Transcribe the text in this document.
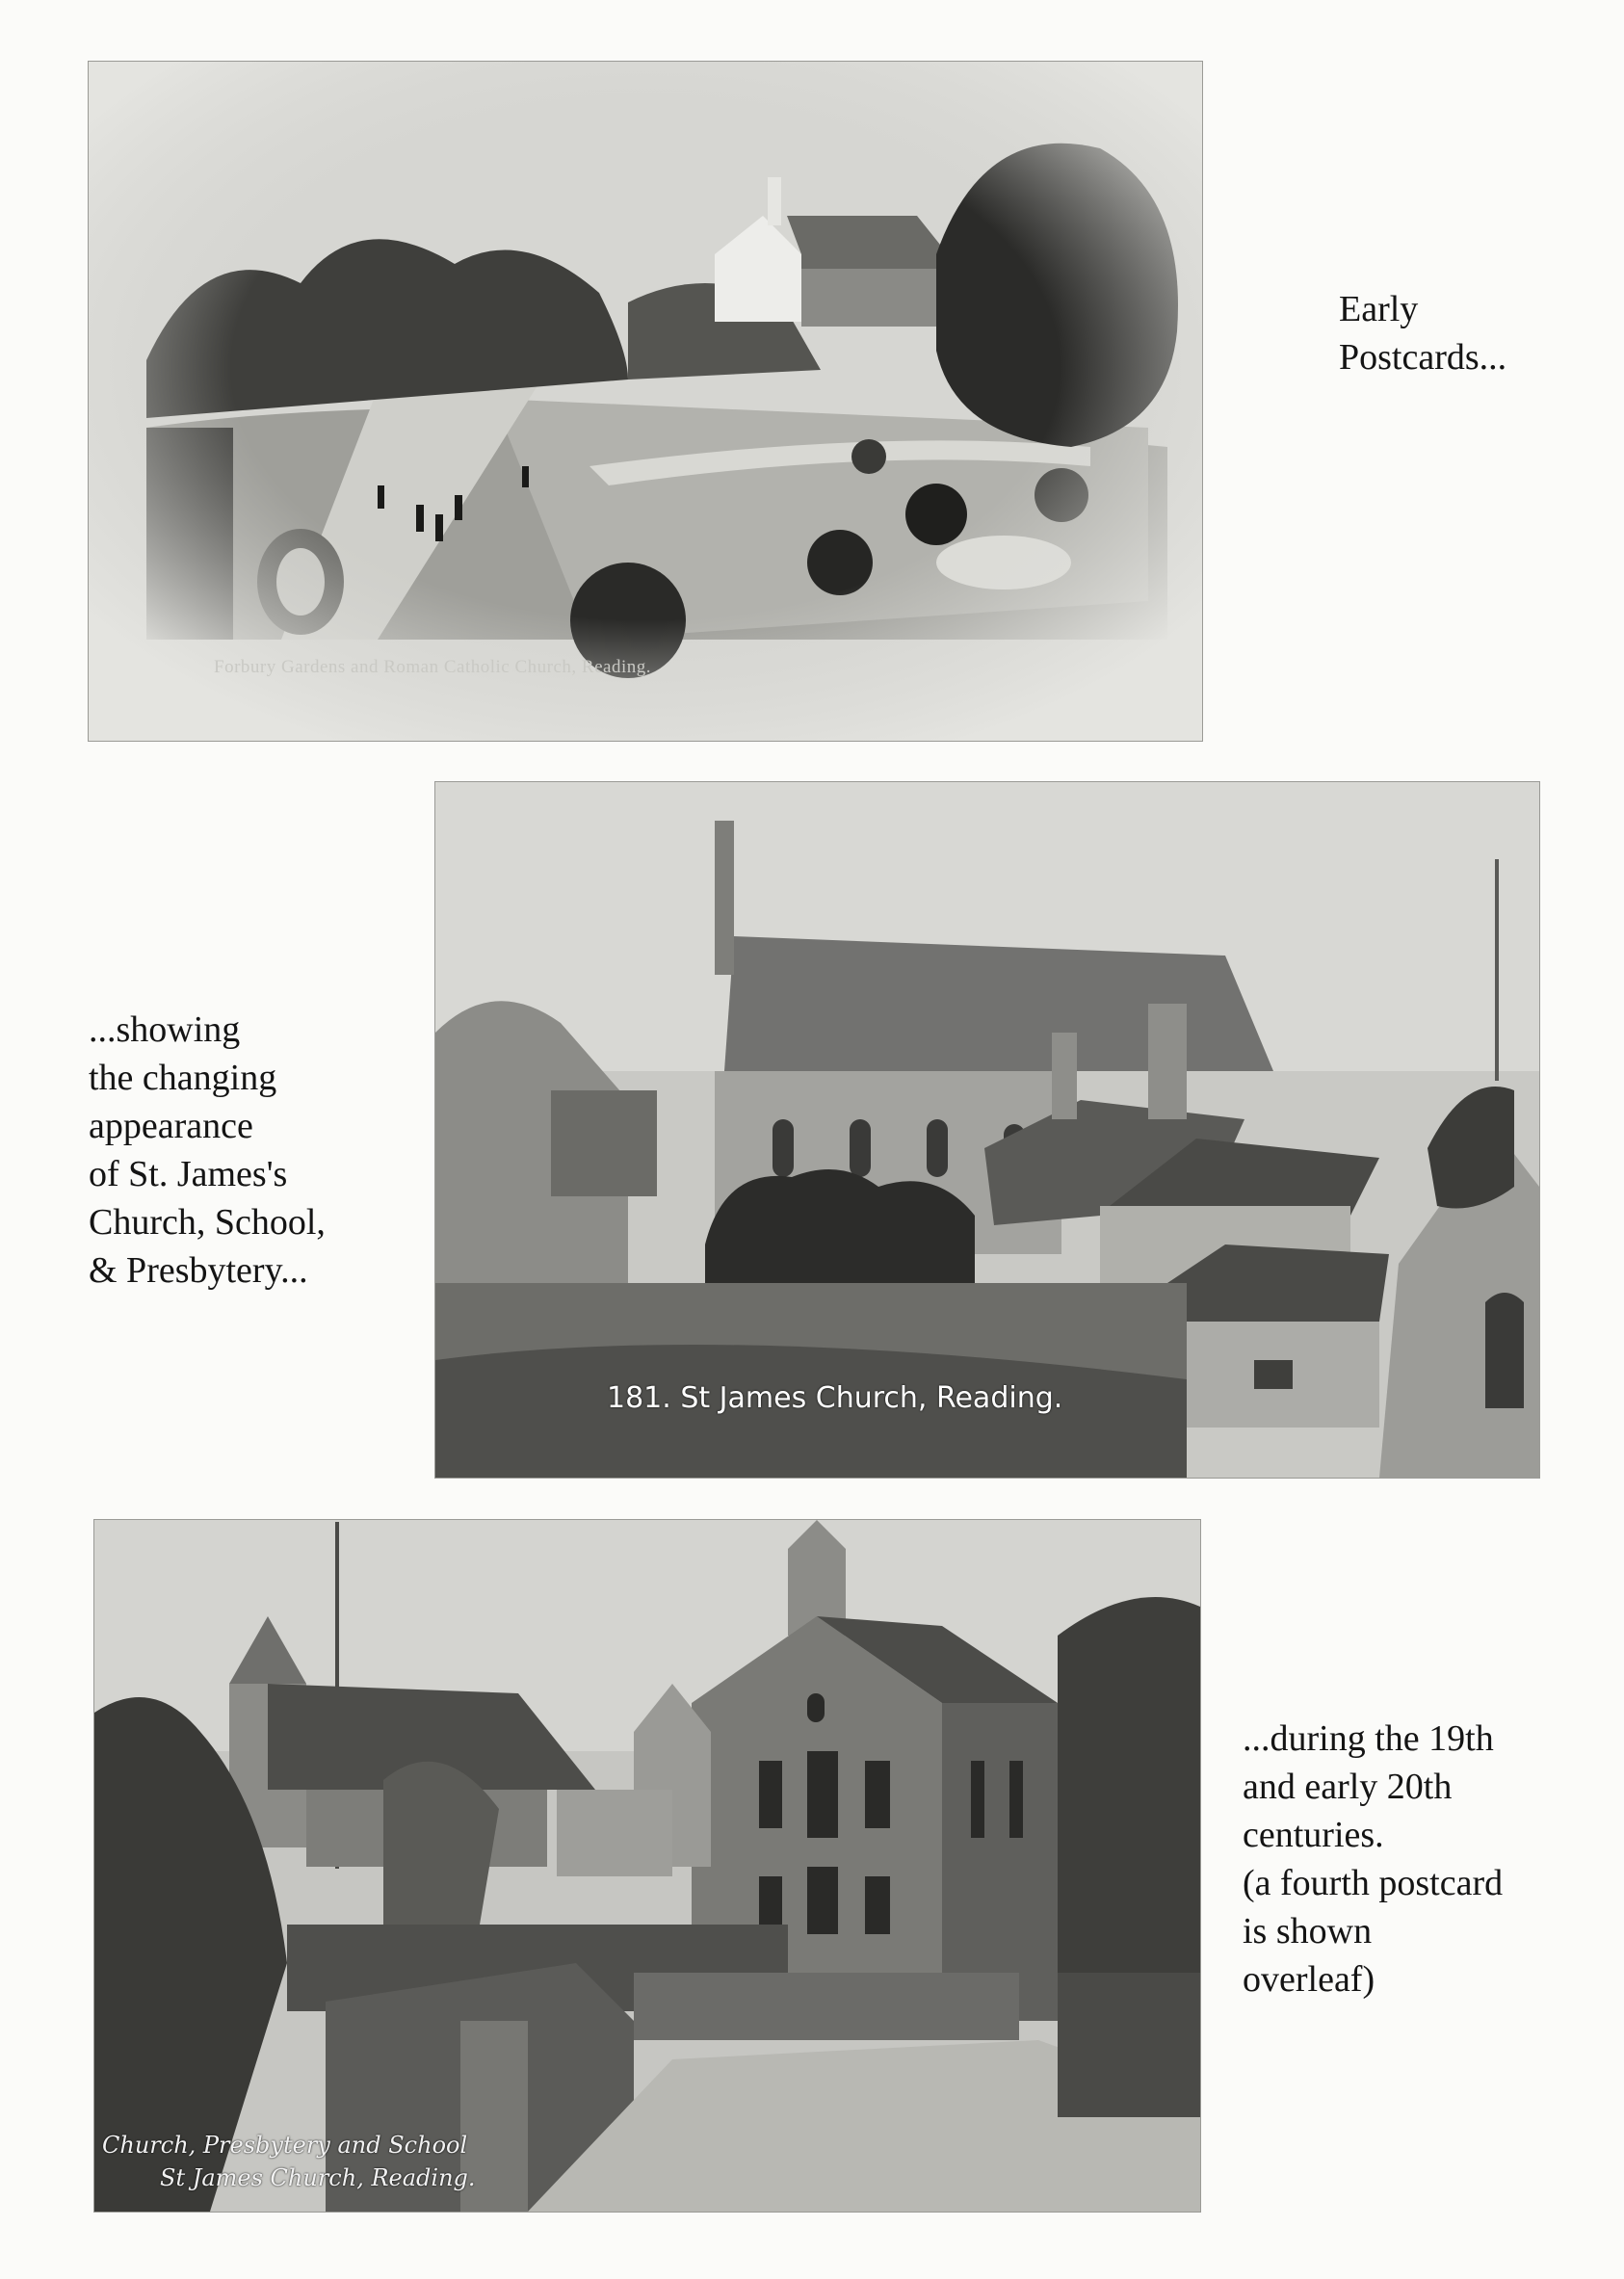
Forbury Gardens and Roman Catholic Church, Reading.

181. St James Church, Reading.

Church, Presbytery and School

St James Church, Reading.

Early
Postcards...

...showing
the changing
appearance
of St. James's
Church, School,
& Presbytery...

...during the 19th
and early 20th
centuries.
(a fourth postcard
is shown
overleaf)
